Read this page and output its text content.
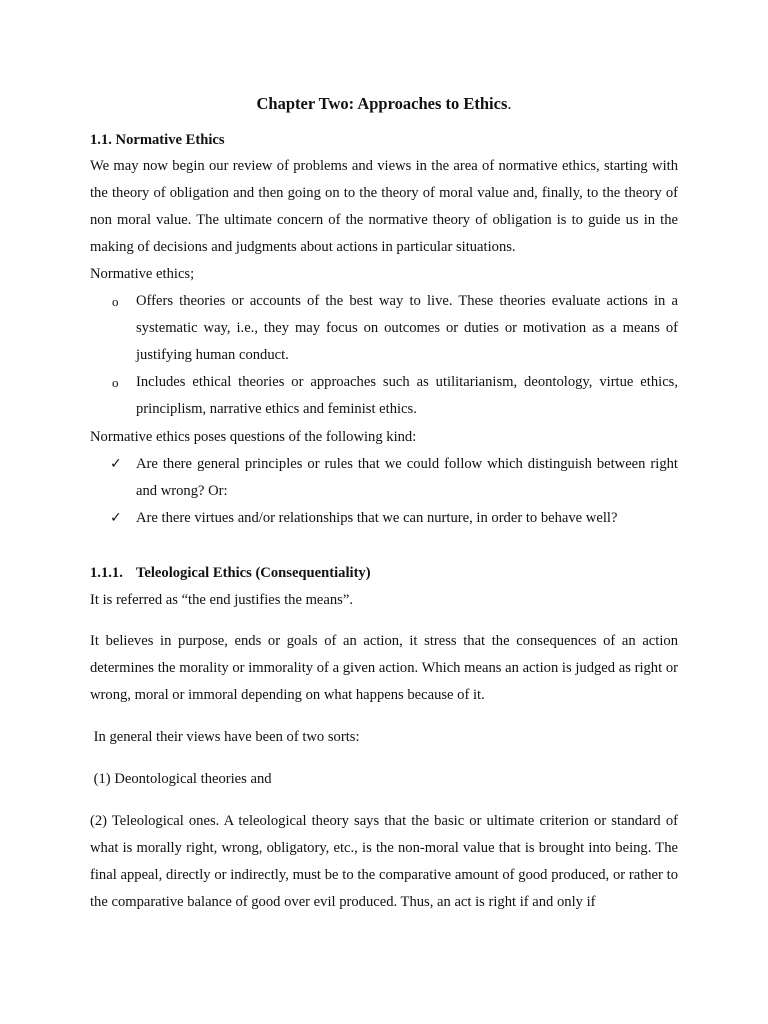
Chapter Two: Approaches to Ethics.
1.1. Normative Ethics
We may now begin our review of problems and views in the area of normative ethics, starting with the theory of obligation and then going on to the theory of moral value and, finally, to the theory of non moral value. The ultimate concern of the normative theory of obligation is to guide us in the making of decisions and judgments about actions in particular situations.
Normative ethics;
o	Offers theories or accounts of the best way to live. These theories evaluate actions in a systematic way, i.e., they may focus on outcomes or duties or motivation as a means of justifying human conduct.
o	Includes ethical theories or approaches such as utilitarianism, deontology, virtue ethics, principlism, narrative ethics and feminist ethics.
Normative ethics poses questions of the following kind:
✓ Are there general principles or rules that we could follow which distinguish between right and wrong? Or:
✓ Are there virtues and/or relationships that we can nurture, in order to behave well?
1.1.1. Teleological Ethics (Consequentiality)
It is referred as “the end justifies the means”.
It believes in purpose, ends or goals of an action, it stress that the consequences of an action determines the morality or immorality of a given action. Which means an action is judged as right or wrong, moral or immoral depending on what happens because of it.
In general their views have been of two sorts:
(1) Deontological theories and
(2) Teleological ones. A teleological theory says that the basic or ultimate criterion or standard of what is morally right, wrong, obligatory, etc., is the non-moral value that is brought into being. The final appeal, directly or indirectly, must be to the comparative amount of good produced, or rather to the comparative balance of good over evil produced. Thus, an act is right if and only if
